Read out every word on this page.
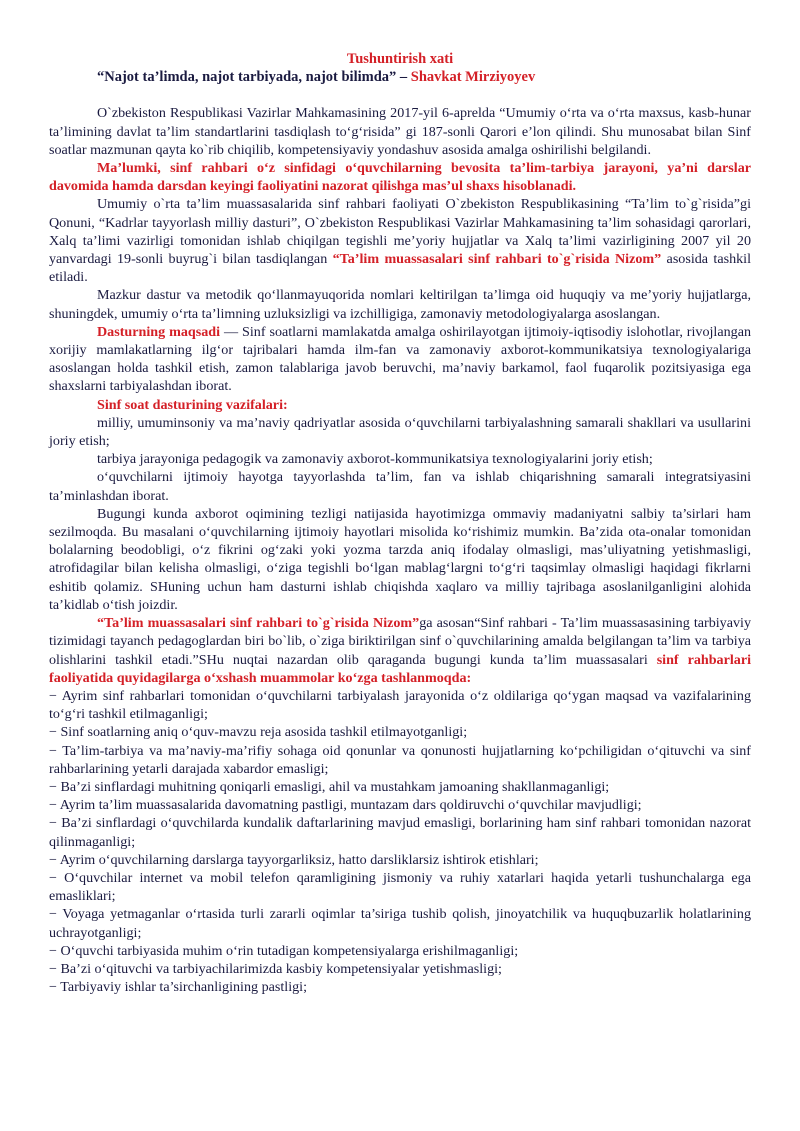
Tushuntirish xati

“Najot ta’limda, najot tarbiyada, najot bilimda” – Shavkat Mirziyoyev

O`zbekiston Respublikasi Vazirlar Mahkamasining 2017-yil 6-aprelda “Umumiy o‘rta va o‘rta maxsus, kasb-hunar ta’limining davlat ta’lim standartlarini tasdiqlash to‘g‘risida” gi 187-sonli Qarori e’lon qilindi. Shu munosabat bilan Sinf soatlar mazmunan qayta ko`rib chiqilib, kompetensiyaviy yondashuv asosida amalga oshirilishi belgilandi.

Ma’lumki, sinf rahbari o‘z sinfidagi o‘quvchilarning bevosita ta’lim-tarbiya jarayoni, ya’ni darslar davomida hamda darsdan keyingi faoliyatini nazorat qilishga mas’ul shaxs hisoblanadi.

Umumiy o`rta ta’lim muassasalarida sinf rahbari faoliyati O`zbekiston Respublikasining “Ta’lim to`g`risida”gi Qonuni, “Kadrlar tayyorlash milliy dasturi”, O`zbekiston Respublikasi Vazirlar Mahkamasining ta’lim sohasidagi qarorlari, Xalq ta’limi vazirligi tomonidan ishlab chiqilgan tegishli me’yoriy hujjatlar va Xalq ta’limi vazirligining 2007 yil 20 yanvardagi 19-sonli buyrug`i bilan tasdiqlangan “Ta’lim muassasalari sinf rahbari to`g`risida Nizom” asosida tashkil etiladi.

Mazkur dastur va metodik qo‘llanmayuqorida nomlari keltirilgan ta’limga oid huquqiy va me’yoriy hujjatlarga, shuningdek, umumiy o‘rta ta’limning uzluksizligi va izchilligiga, zamonaviy metodologiyalarga asoslangan.

Dasturning maqsadi — Sinf soatlarni mamlakatda amalga oshirilayotgan ijtimoiy-iqtisodiy islohotlar, rivojlangan xorijiy mamlakatlarning ilg‘or tajribalari hamda ilm-fan va zamonaviy axborot-kommunikatsiya texnologiyalariga asoslangan holda tashkil etish, zamon talablariga javob beruvchi, ma’naviy barkamol, faol fuqarolik pozitsiyasiga ega shaxslarni tarbiyalashdan iborat.

Sinf soat dasturining vazifalari:

milliy, umuminsoniy va ma’naviy qadriyatlar asosida o‘quvchilarni tarbiyalashning samarali shakllari va usullarini joriy etish;

tarbiya jarayoniga pedagogik va zamonaviy axborot-kommunikatsiya texnologiyalarini joriy etish;

o‘quvchilarni ijtimoiy hayotga tayyorlashda ta’lim, fan va ishlab chiqarishning samarali integratsiyasini ta’minlashdan iborat.

Bugungi kunda axborot oqimining tezligi natijasida hayotimizga ommaviy madaniyatni salbiy ta’sirlari ham sezilmoqda. Bu masalani o‘quvchilarning ijtimoiy hayotlari misolida ko‘rishimiz mumkin. Ba’zida ota-onalar tomonidan bolalarning beodobligi, o‘z fikrini og‘zaki yoki yozma tarzda aniq ifodalay olmasligi, mas’uliyatning yetishmasligi, atrofidagilar bilan kelisha olmasligi, o‘ziga tegishli bo‘lgan mablag‘largni to‘g‘ri taqsimlay olmasligi haqidagi fikrlarni eshitib qolamiz. SHuning uchun ham dasturni ishlab chiqishda xaqlaro va milliy tajribaga asoslanilganligini alohida ta’kidlab o‘tish joizdir.

“Ta’lim muassasalari sinf rahbari to`g`risida Nizom”ga asosan“Sinf rahbari - Ta’lim muassasasining tarbiyaviy tizimidagi tayanch pedagoglardan biri bo`lib, o`ziga biriktirilgan sinf o`quvchilarining amalda belgilangan ta’lim va tarbiya olishlarini tashkil etadi.”SHu nuqtai nazardan olib qaraganda bugungi kunda ta’lim muassasalari sinf rahbarlari faoliyatida quyidagilarga o‘xshash muammolar ko‘zga tashlanmoqda:

− Ayrim sinf rahbarlari tomonidan o‘quvchilarni tarbiyalash jarayonida o‘z oldilariga qo‘ygan maqsad va vazifalarining to‘g‘ri tashkil etilmaganligi;

− Sinf soatlarning aniq o‘quv-mavzu reja asosida tashkil etilmayotganligi;

− Ta’lim-tarbiya va ma’naviy-ma’rifiy sohaga oid qonunlar va qonunosti hujjatlarning ko‘pchiligidan o‘qituvchi va sinf rahbarlarining yetarli darajada xabardor emasligi;

− Ba’zi sinflardagi muhitning qoniqarli emasligi, ahil va mustahkam jamoaning shakllanmaganligi;

− Ayrim ta’lim muassasalarida davomatning pastligi, muntazam dars qoldiruvchi o‘quvchilar mavjudligi;

− Ba’zi sinflardagi o‘quvchilarda kundalik daftarlarining mavjud emasligi, borlarining ham sinf rahbari tomonidan nazorat qilinmaganligi;

− Ayrim o‘quvchilarning darslarga tayyorgarliksiz, hatto darsliklarsiz ishtirok etishlari;

− O‘quvchilar internet va mobil telefon qaramligining jismoniy va ruhiy xatarlari haqida yetarli tushunchalarga ega emasliklari;

− Voyaga yetmaganlar o‘rtasida turli zararli oqimlar ta’siriga tushib qolish, jinoyatchilik va huquqbuzarlik holatlarining uchrayotganligi;

− O‘quvchi tarbiyasida muhim o‘rin tutadigan kompetensiyalarga erishilmaganligi;

− Ba’zi o‘qituvchi va tarbiyachilarimizda kasbiy kompetensiyalar yetishmasligi;

− Tarbiyaviy ishlar ta’sirchanligining pastligi;
